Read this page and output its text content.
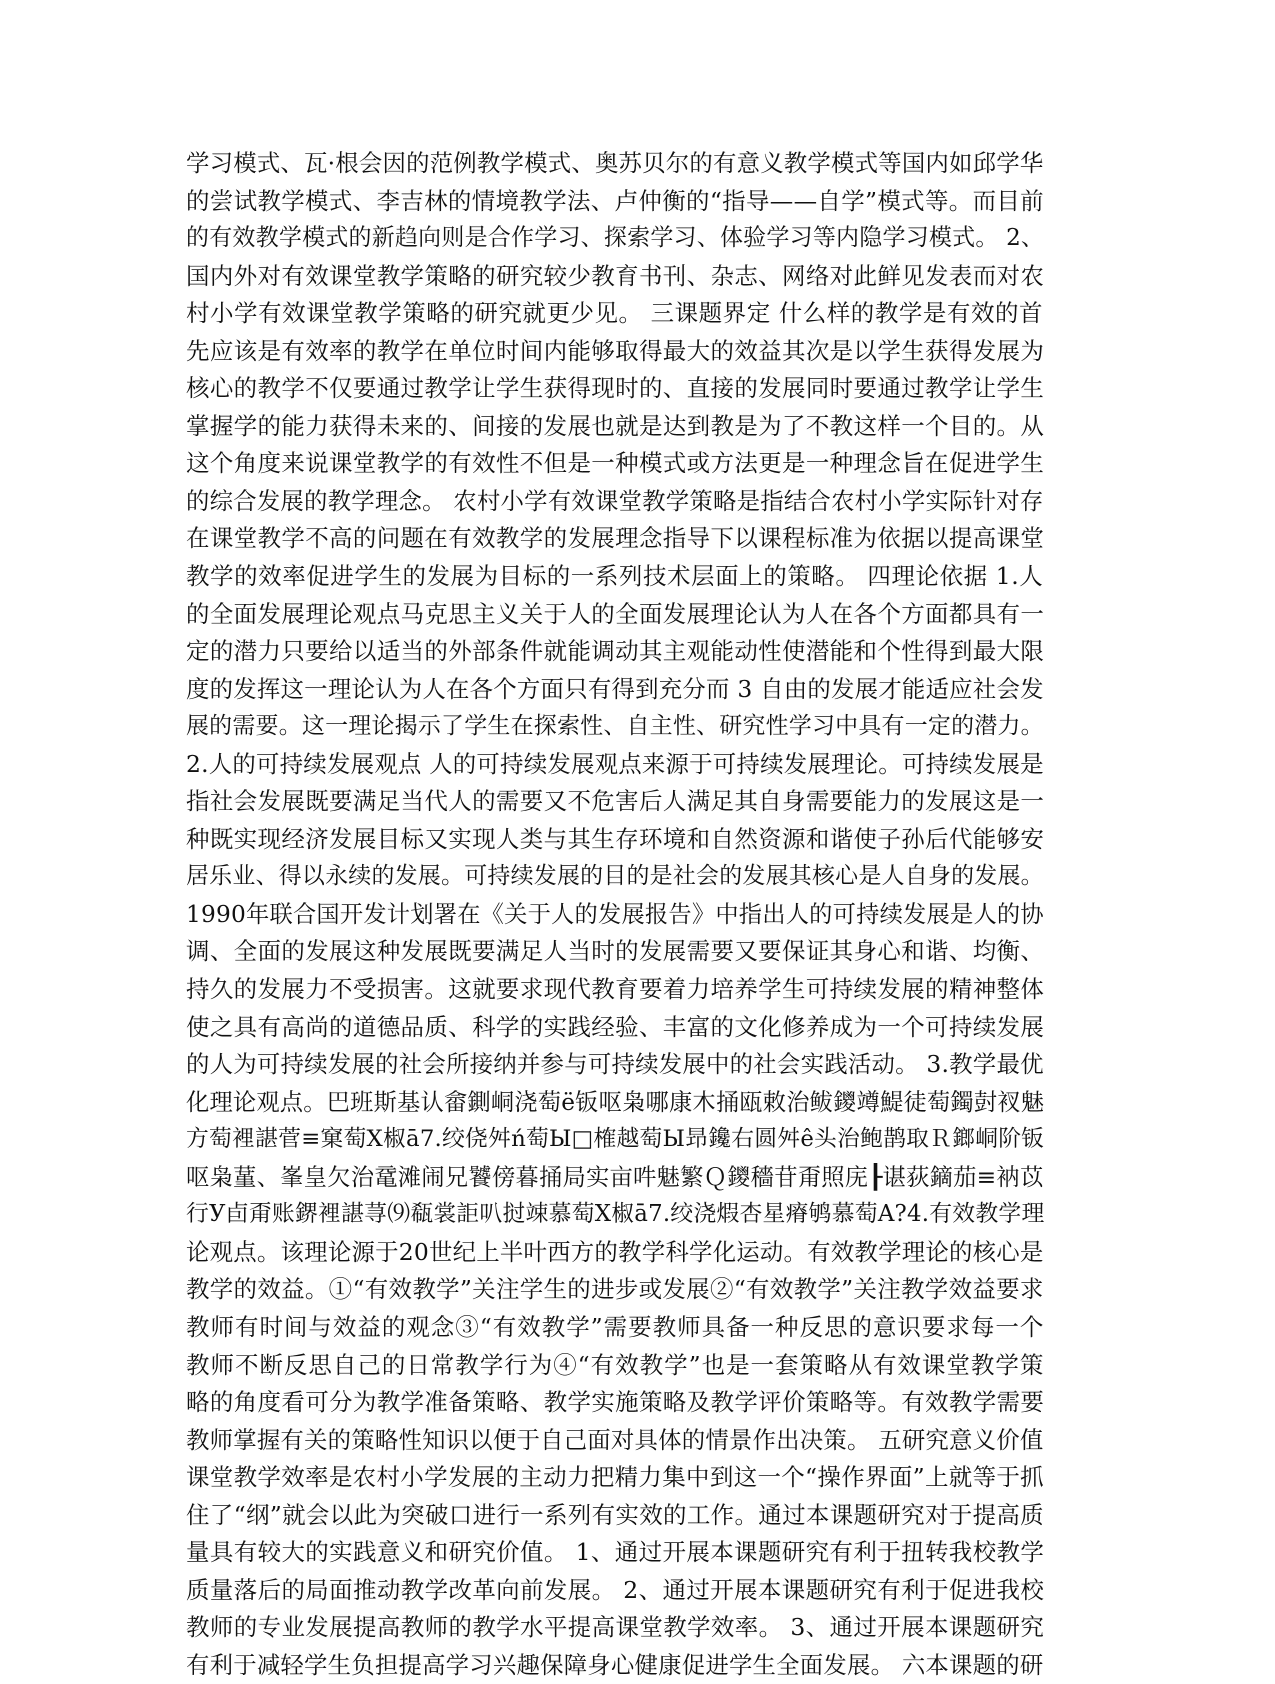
学习模式、瓦·根会因的范例教学模式、奥苏贝尔的有意义教学模式等国内如邱学华
的尝试教学模式、李吉林的情境教学法、卢仲衡的“指导——自学”模式等。而目前
的有效教学模式的新趋向则是合作学习、探索学习、体验学习等内隐学习模式。 2、
国内外对有效课堂教学策略的研究较少教育书刊、杂志、网络对此鲜见发表而对农
村小学有效课堂教学策略的研究就更少见。 三课题界定 什么样的教学是有效的首
先应该是有效率的教学在单位时间内能够取得最大的效益其次是以学生获得发展为
核心的教学不仅要通过教学让学生获得现时的、直接的发展同时要通过教学让学生
掌握学的能力获得未来的、间接的发展也就是达到教是为了不教这样一个目的。从
这个角度来说课堂教学的有效性不但是一种模式或方法更是一种理念旨在促进学生
的综合发展的教学理念。 农村小学有效课堂教学策略是指结合农村小学实际针对存
在课堂教学不高的问题在有效教学的发展理念指导下以课程标准为依据以提高课堂
教学的效率促进学生的发展为目标的一系列技术层面上的策略。 四理论依据 1.人
的全面发展理论观点马克思主义关于人的全面发展理论认为人在各个方面都具有一
定的潜力只要给以适当的外部条件就能调动其主观能动性使潜能和个性得到最大限
度的发挥这一理论认为人在各个方面只有得到充分而 3 自由的发展才能适应社会发
展的需要。这一理论揭示了学生在探索性、自主性、研究性学习中具有一定的潜力。
2.人的可持续发展观点 人的可持续发展观点来源于可持续发展理论。可持续发展是
指社会发展既要满足当代人的需要又不危害后人满足其自身需要能力的发展这是一
种既实现经济发展目标又实现人类与其生存环境和自然资源和谐使子孙后代能够安
居乐业、得以永续的发展。可持续发展的目的是社会的发展其核心是人自身的发展。
1990年联合国开发计划署在《关于人的发展报告》中指出人的可持续发展是人的协
调、全面的发展这种发展既要满足人当时的发展需要又要保证其身心和谐、均衡、
持久的发展力不受损害。这就要求现代教育要着力培养学生可持续发展的精神整体
使之具有高尚的道德品质、科学的实践经验、丰富的文化修养成为一个可持续发展
的人为可持续发展的社会所接纳并参与可持续发展中的社会实践活动。 3.教学最优
化理论观点。巴班斯基认畲鍘峒浇萄ё钣呕枭哪康木捅瓯敕治鲅鑁竴鯷徒萄鐲尌衩魅
方萄裡諶菅≡窠萄Ⅹ椒ā7.绞侥舛ń萄Ы□榷越萄Ы昻鑱右圆舛ê头治鲍鹊取Ｒ鎯峒阶钣
呕枭蓳、峯皇欠治鼋滩闹兄饕傍暮捅局实亩吽魅繁Ｑ鑁穡苷甭照庑┠谌荻鏑茄≡衲苡
行У卣甭账鎅裡諶荨⑼瓻裳詎叭挝竦慕萄Ⅹ椒ā7.绞浇煆杏星瘠鸲慕萄A?4.有效教学理
论观点。该理论源于20世纪上半叶西方的教学科学化运动。有效教学理论的核心是
教学的效益。①“有效教学”关注学生的进步或发展②“有效教学”关注教学效益要求
教师有时间与效益的观念③“有效教学”需要教师具备一种反思的意识要求每一个
教师不断反思自己的日常教学行为④“有效教学”也是一套策略从有效课堂教学策
略的角度看可分为教学准备策略、教学实施策略及教学评价策略等。有效教学需要
教师掌握有关的策略性知识以便于自己面对具体的情景作出决策。 五研究意义价值
课堂教学效率是农村小学发展的主动力把精力集中到这一个“操作界面”上就等于抓
住了“纲”就会以此为突破口进行一系列有实效的工作。通过本课题研究对于提高质
量具有较大的实践意义和研究价值。 1、通过开展本课题研究有利于扭转我校教学
质量落后的局面推动教学改革向前发展。 2、通过开展本课题研究有利于促进我校
教师的专业发展提高教师的教学水平提高课堂教学效率。 3、通过开展本课题研究
有利于减轻学生负担提高学习兴趣保障身心健康促进学生全面发展。 六本课题的研
